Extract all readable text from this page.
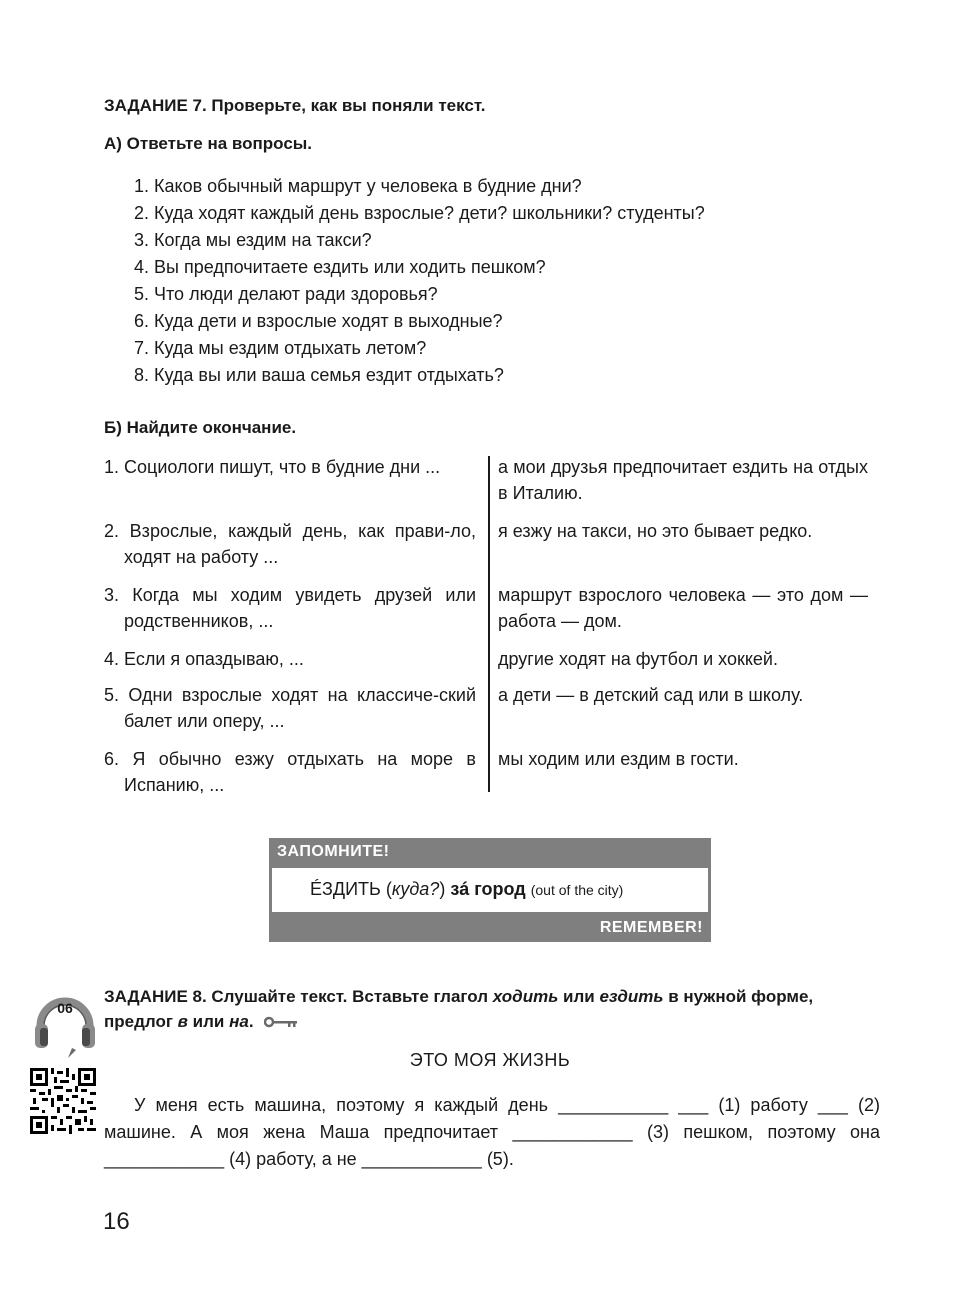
ЗАДАНИЕ 7. Проверьте, как вы поняли текст.
А) Ответьте на вопросы.
1. Каков обычный маршрут у человека в будние дни?
2. Куда ходят каждый день взрослые? дети? школьники? студенты?
3. Когда мы ездим на такси?
4. Вы предпочитаете ездить или ходить пешком?
5. Что люди делают ради здоровья?
6. Куда дети и взрослые ходят в выходные?
7. Куда мы ездим отдыхать летом?
8. Куда вы или ваша семья ездит отдыхать?
Б) Найдите окончание.
1. Социологи пишут, что в будние дни ...	а мои друзья предпочитает ездить на отдых в Италию.
2. Взрослые, каждый день, как прави-ло, ходят на работу ...
я езжу на такси, но это бывает редко.
3. Когда мы ходим увидеть друзей или родственников, ...
маршрут взрослого человека — это дом — работа — дом.
4. Если я опаздываю, ...	другие ходят на футбол и хоккей.
5. Одни взрослые ходят на классиче-ский балет или оперу, ...
а дети — в детский сад или в школу.
6. Я обычно езжу отдыхать на море в Испанию, ...
мы ходим или ездим в гости.
ЗАПОМНИТЕ!
ÉЗДИТЬ (куда?) зá город (out of the city)
REMEMBER!
06
ЗАДАНИЕ 8. Слушайте текст. Вставьте глагол ходить или ездить в нужной форме, предлог в или на.
ЭТО МОЯ ЖИЗНЬ
У меня есть машина, поэтому я каждый день ___________ ___ (1) работу ___ (2) машине. А моя жена Маша предпочитает ____________ (3) пешком, поэтому она ____________ (4) работу, а не ____________ (5).
16
